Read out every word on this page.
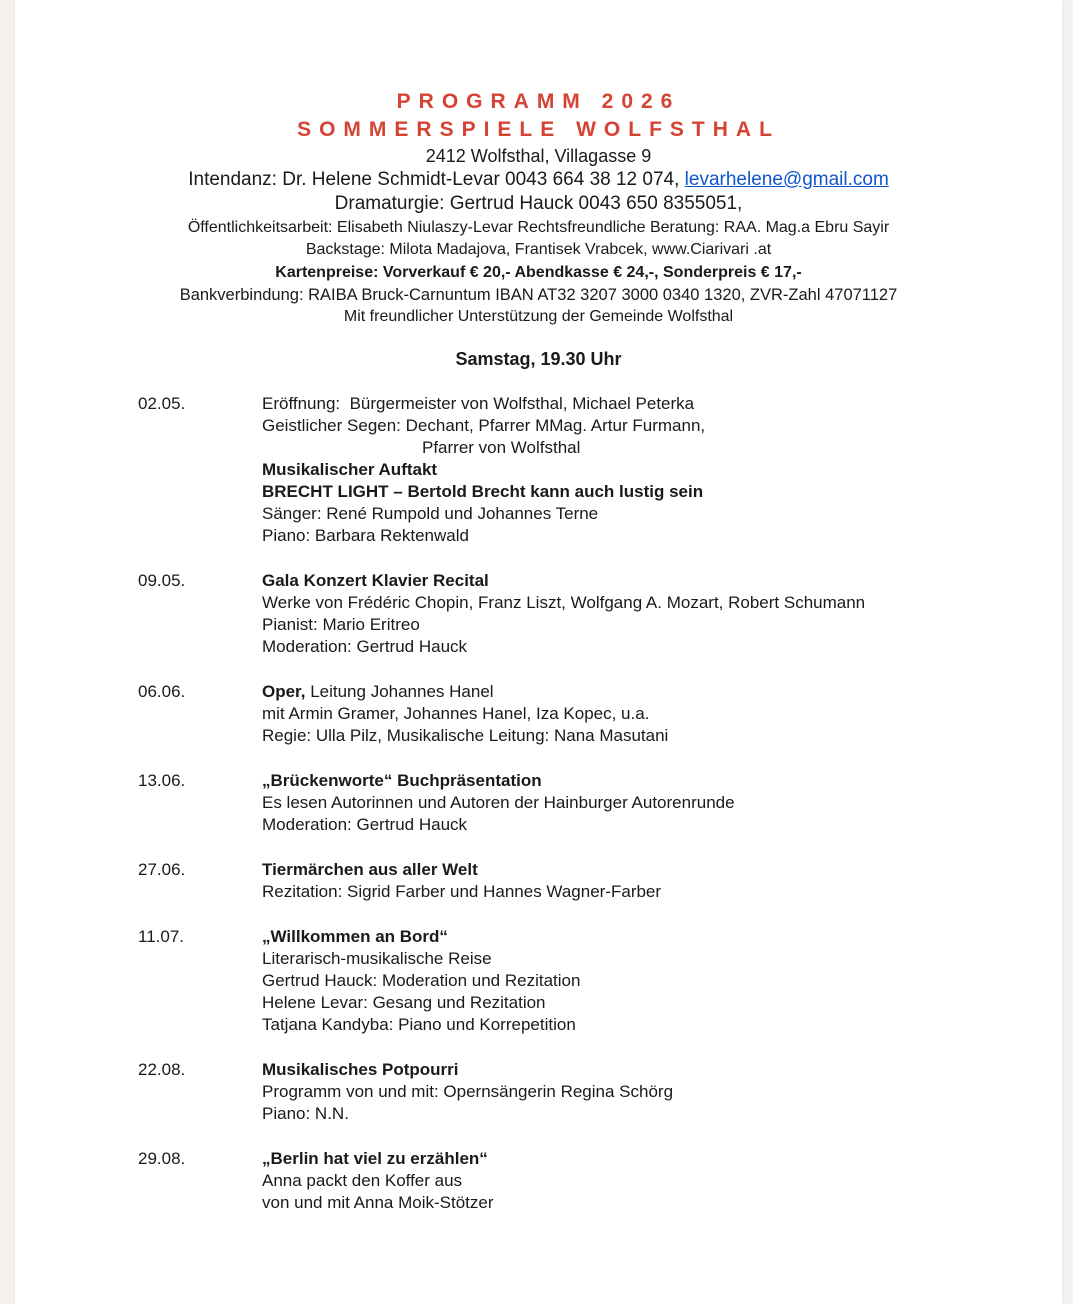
PROGRAMM 2026
SOMMERSPIELE WOLFSTHAL
2412 Wolfsthal, Villagasse 9
Intendanz: Dr. Helene Schmidt-Levar 0043 664 38 12 074, levarhelene@gmail.com
Dramaturgie: Gertrud Hauck 0043 650 8355051,
Öffentlichkeitsarbeit: Elisabeth Niulaszy-Levar Rechtsfreundliche Beratung: RAA. Mag.a Ebru Sayir
Backstage: Milota Madajova, Frantisek Vrabcek, www.Ciarivari .at
Kartenpreise: Vorverkauf € 20,- Abendkasse € 24,-, Sonderpreis € 17,-
Bankverbindung: RAIBA Bruck-Carnuntum IBAN AT32 3207 3000 0340 1320, ZVR-Zahl 47071127
Mit freundlicher Unterstützung der Gemeinde Wolfsthal
Samstag, 19.30 Uhr
02.05.	Eröffnung:  Bürgermeister von Wolfsthal, Michael Peterka
Geistlicher Segen: Dechant, Pfarrer MMag. Artur Furmann,
Pfarrer von Wolfsthal
Musikalischer Auftakt
BRECHT LIGHT – Bertold Brecht kann auch lustig sein
Sänger: René Rumpold und Johannes Terne
Piano: Barbara Rektenwald
09.05.	Gala Konzert Klavier Recital
Werke von Frédéric Chopin, Franz Liszt, Wolfgang A. Mozart, Robert Schumann
Pianist: Mario Eritreo
Moderation: Gertrud Hauck
06.06.	Oper, Leitung Johannes Hanel
mit Armin Gramer, Johannes Hanel, Iza Kopec, u.a.
Regie: Ulla Pilz, Musikalische Leitung: Nana Masutani
13.06.	„Brückenworte“ Buchpräsentation
Es lesen Autorinnen und Autoren der Hainburger Autorenrunde
Moderation: Gertrud Hauck
27.06.	Tiermärchen aus aller Welt
Rezitation: Sigrid Farber und Hannes Wagner-Farber
11.07.	„Willkommen an Bord“
Literarisch-musikalische Reise
Gertrud Hauck: Moderation und Rezitation
Helene Levar: Gesang und Rezitation
Tatjana Kandyba: Piano und Korrepetition
22.08.	Musikalisches Potpourri
Programm von und mit: Opernsängerin Regina Schörg
Piano: N.N.
29.08.	„Berlin hat viel zu erzählen“
Anna packt den Koffer aus
von und mit Anna Moik-Stötzer
